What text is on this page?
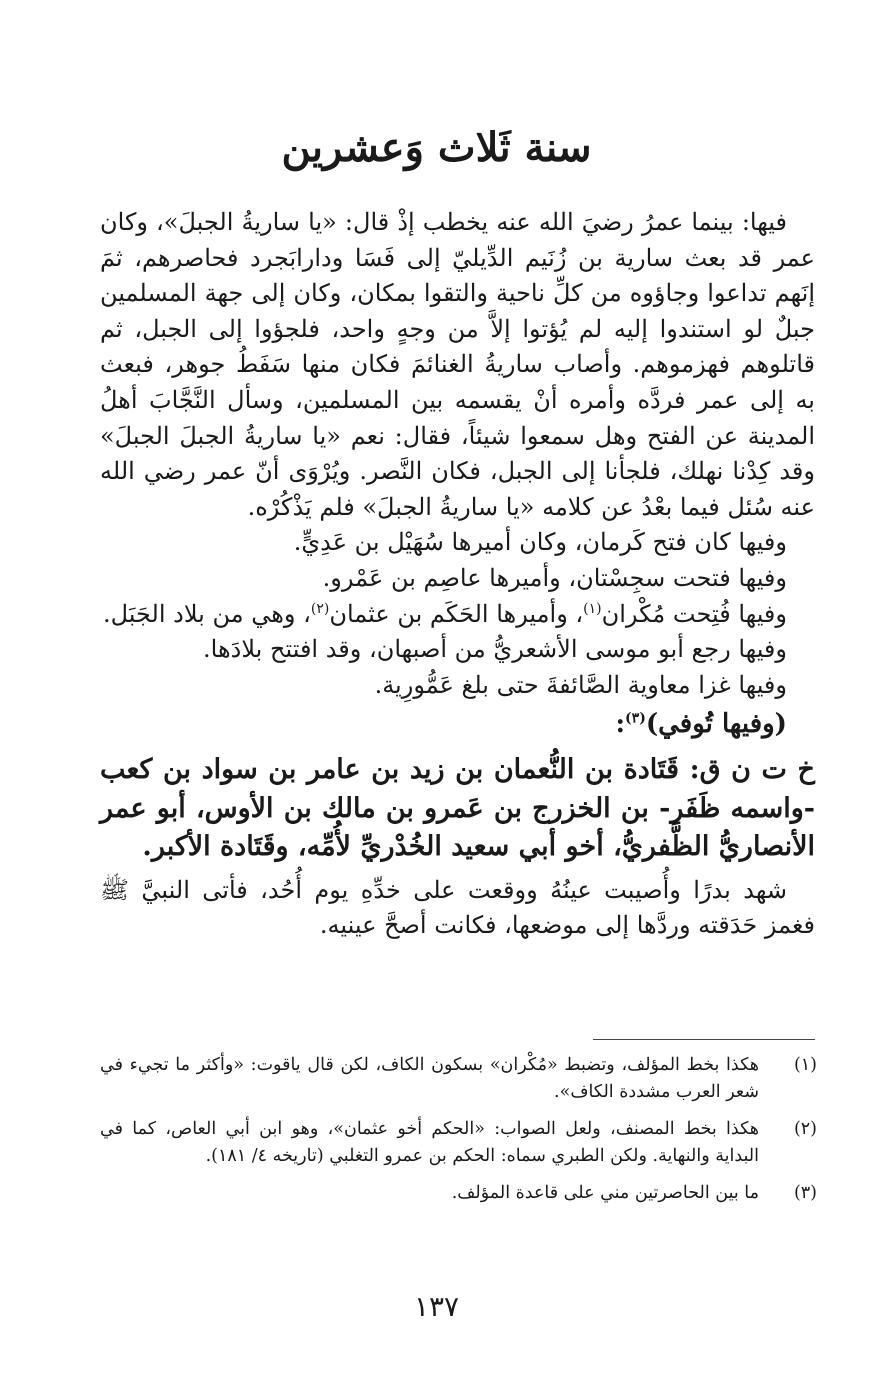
سنة ثَلاث وَعشرين

فيها: بينما عمرُ رضيَ الله عنه يخطب إذْ قال: «يا ساريةُ الجبلَ»، وكان عمر قد بعث سارية بن زُنَيم الدِّيليّ إلى فَسَا ودارابَجرد فحاصرهم، ثمَ إنَهم تداعوا وجاؤوه من كلِّ ناحية والتقوا بمكان، وكان إلى جهة المسلمين جبلٌ لو استندوا إليه لم يُؤتوا إلاَّ من وجهٍ واحد، فلجؤوا إلى الجبل، ثم قاتلوهم فهزموهم. وأصاب ساريةُ الغنائمَ فكان منها سَفَطُ جوهر، فبعث به إلى عمر فردَّه وأمره أنْ يقسمه بين المسلمين، وسأل النَّجَّابَ أهلُ المدينة عن الفتح وهل سمعوا شيئاً، فقال: نعم «يا ساريةُ الجبلَ الجبلَ» وقد كِدْنا نهلك، فلجأنا إلى الجبل، فكان النَّصر. ويُرْوَى أنّ عمر رضي الله عنه سُئل فيما بعْدُ عن كلامه «يا ساريةُ الجبلَ» فلم يَذْكُرْه.

وفيها كان فتح كَرمان، وكان أميرها سُهَيْل بن عَدِيٍّ.

وفيها فتحت سجِسْتان، وأميرها عاصِم بن عَمْرو.

وفيها فُتِحت مُكْران$^{(١)}$، وأميرها الحَكَم بن عثمان$^{(٢)}$، وهي من بلاد الجَبَل.

وفيها رجع أبو موسى الأشعريُّ من أصبهان، وقد افتتح بلادَها.

وفيها غزا معاوية الصَّائفةَ حتى بلغ عَمُّورِية.

(وفيها تُوفي)$^{(٣)}$:

خ ت ن ق: قَتَادة بن النُّعمان بن زيد بن عامر بن سواد بن كعب -واسمه ظَفَر- بن الخزرج بن عَمرو بن مالك بن الأوس، أبو عمر الأنصاريُّ الظَّفريُّ، أخو أبي سعيد الخُدْريِّ لأُمِّه، وقَتَادة الأكبر.

شهد بدرًا وأُصيبت عينُهُ ووقعت على خدِّهِ يوم أُحُد، فأتى النبيَّ ﷺ فغمز حَدَقته وردَّها إلى موضعها، فكانت أصحَّ عينيه.

(١)
هكذا بخط المؤلف، وتضبط «مُكْران» بسكون الكاف، لكن قال ياقوت: «وأكثر ما تجيء في شعر العرب مشددة الكاف».
(٢)
هكذا بخط المصنف، ولعل الصواب: «الحكم أخو عثمان»، وهو ابن أبي العاص، كما في البداية والنهاية. ولكن الطبري سماه: الحكم بن عمرو التغلبي (تاريخه ٤/ ١٨١).
(٣)
ما بين الحاصرتين مني على قاعدة المؤلف.
١٣٧
